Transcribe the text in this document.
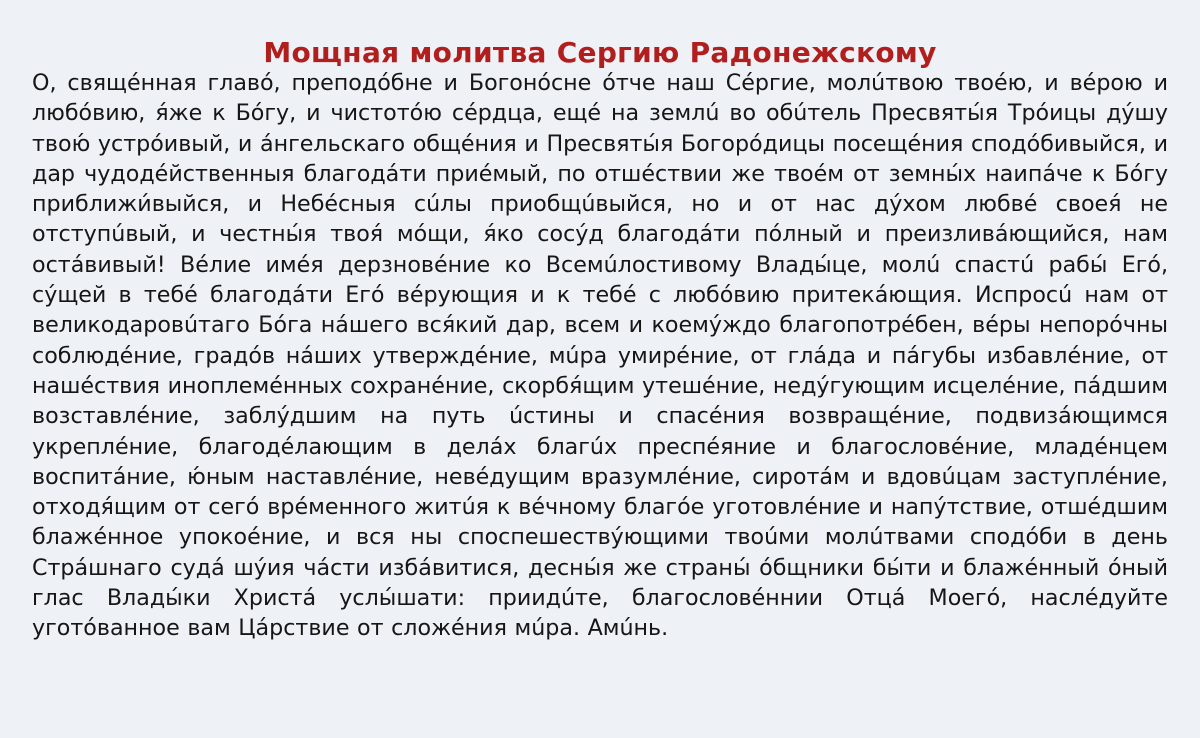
Мощная молитва Сергию Радонежскому

О, свящéнная главó, преподóбне и Богонóсне óтче наш Сéргие, молúтвою твоéю, и вéрою и любóвию, я́же к Бóгу, и чистотóю сéрдца, ещé на землú во обúтель Пресвяты́я Трóицы дýшу твою́ устрóивый, и áнгельскаго общéния и Пресвяты́я Богорóдицы посещéния сподóбивыйся, и дар чудодéйственныя благодáти приéмый, по отшéствии же твоéм от земны́х наипáче к Бóгу приближи́выйся, и Небéсныя сúлы приобщúвыйся, но и от нас дýхом любвé своея́ не отступúвый, и честны́я твоя́ мóщи, я́ко сосýд благодáти пóлный и преизливáющийся, нам остáвивый! Вéлие имéя дерзновéние ко Всемúлостивому Влады́це, молú спастú рабы́ Егó, сýщей в тебé благодáти Егó вéрующия и к тебé с любóвию притекáющия. Испросú нам от великодаровúтаго Бóга нáшего вся́кий дар, всем и коемýждо благопотрéбен, вéры непорóчны соблюдéние, градóв нáших утверждéние, мúра умирéние, от глáда и пáгубы избавлéние, от нашéствия иноплемéнных сохранéние, скорбя́щим утешéние, недýгующим исцелéние, пáдшим возставлéние, заблýдшим на путь úстины и спасéния возвращéние, подвизáющимся укреплéние, благодéлающим в делáх благúх преспéяние и благословéние, младéнцем воспитáние, ю́ным наставлéние, невéдущим вразумлéние, сиротáм и вдовúцам заступлéние, отходя́щим от сегó врéменного житúя к вéчному благóе уготовлéние и напýтствие, отшéдшим блажéнное упокоéние, и вся ны споспешествýющими твоúми молúтвами сподóби в день Стрáшнаго судá шýия чáсти избáвитися, десны́я же страны́ óбщники бы́ти и блажéнный óный глас Влады́ки Христá услы́шати: приидúте, благословéннии Отцá Моегó, наслéдуйте уготóванное вам Цáрствие от сложéния мúра. Амúнь.
